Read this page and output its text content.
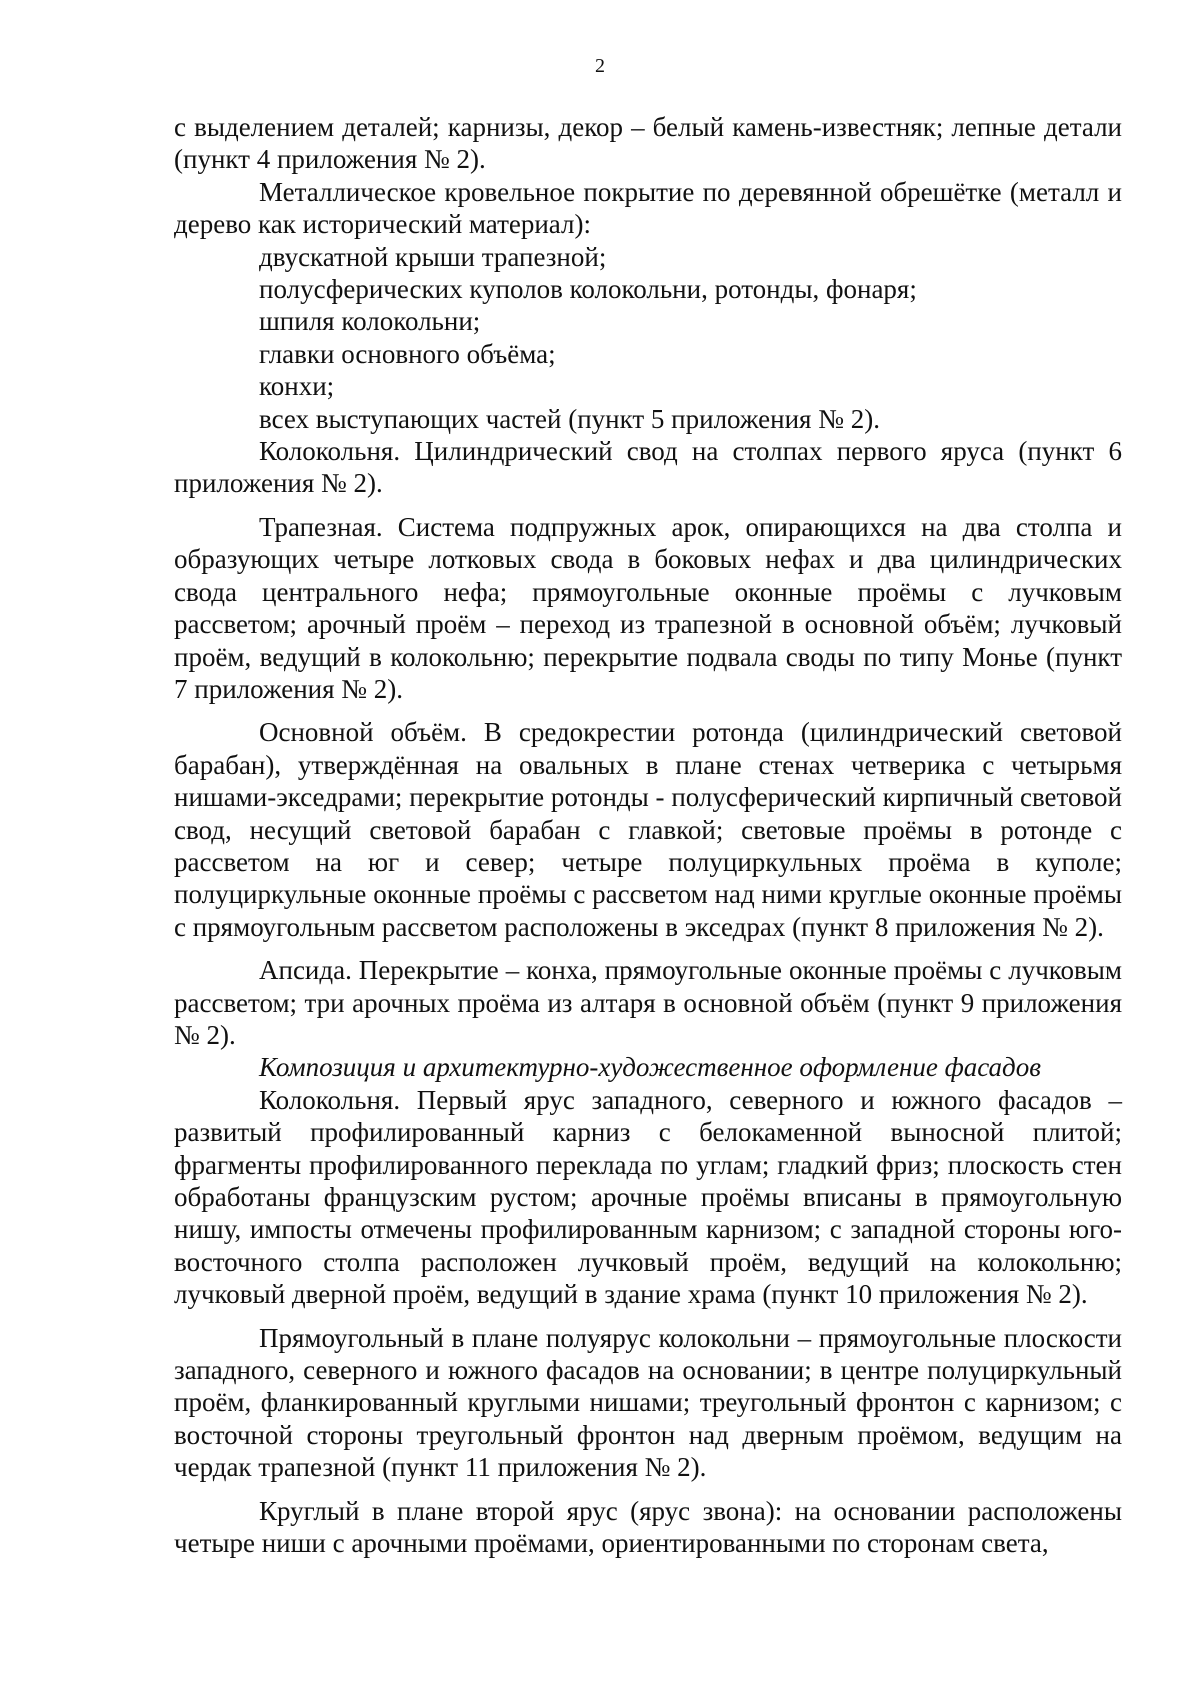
2

с выделением деталей; карнизы, декор – белый камень-известняк; лепные детали (пункт 4 приложения № 2).

Металлическое кровельное покрытие по деревянной обрешётке (металл и дерево как исторический материал):

двускатной крыши трапезной;

полусферических куполов колокольни, ротонды, фонаря;

шпиля колокольни;

главки основного объёма;

конхи;

всех выступающих частей (пункт 5 приложения № 2).

Колокольня. Цилиндрический свод на столпах первого яруса (пункт 6 приложения № 2).

Трапезная. Система подпружных арок, опирающихся на два столпа и образующих четыре лотковых свода в боковых нефах и два цилиндрических свода центрального нефа; прямоугольные оконные проёмы с лучковым рассветом; арочный проём – переход из трапезной в основной объём; лучковый проём, ведущий в колокольню; перекрытие подвала своды по типу Монье (пункт 7 приложения № 2).

Основной объём. В средокрестии ротонда (цилиндрический световой барабан), утверждённая на овальных в плане стенах четверика с четырьмя нишами-экседрами; перекрытие ротонды - полусферический кирпичный световой свод, несущий световой барабан с главкой; световые проёмы в ротонде с рассветом на юг и север; четыре полуциркульных проёма в куполе; полуциркульные оконные проёмы с рассветом над ними круглые оконные проёмы с прямоугольным рассветом расположены в экседрах (пункт 8 приложения № 2).

Апсида. Перекрытие – конха, прямоугольные оконные проёмы с лучковым рассветом; три арочных проёма из алтаря в основной объём (пункт 9 приложения № 2).

Композиция и архитектурно-художественное оформление фасадов

Колокольня. Первый ярус западного, северного и южного фасадов – развитый профилированный карниз с белокаменной выносной плитой; фрагменты профилированного переклада по углам; гладкий фриз; плоскость стен обработаны французским рустом; арочные проёмы вписаны в прямоугольную нишу, импосты отмечены профилированным карнизом; с западной стороны юго-восточного столпа расположен лучковый проём, ведущий на колокольню; лучковый дверной проём, ведущий в здание храма (пункт 10 приложения № 2).

Прямоугольный в плане полуярус колокольни – прямоугольные плоскости западного, северного и южного фасадов на основании; в центре полуциркульный проём, фланкированный круглыми нишами; треугольный фронтон с карнизом; с восточной стороны треугольный фронтон над дверным проёмом, ведущим на чердак трапезной (пункт 11 приложения № 2).

Круглый в плане второй ярус (ярус звона): на основании расположены четыре ниши с арочными проёмами, ориентированными по сторонам света,
